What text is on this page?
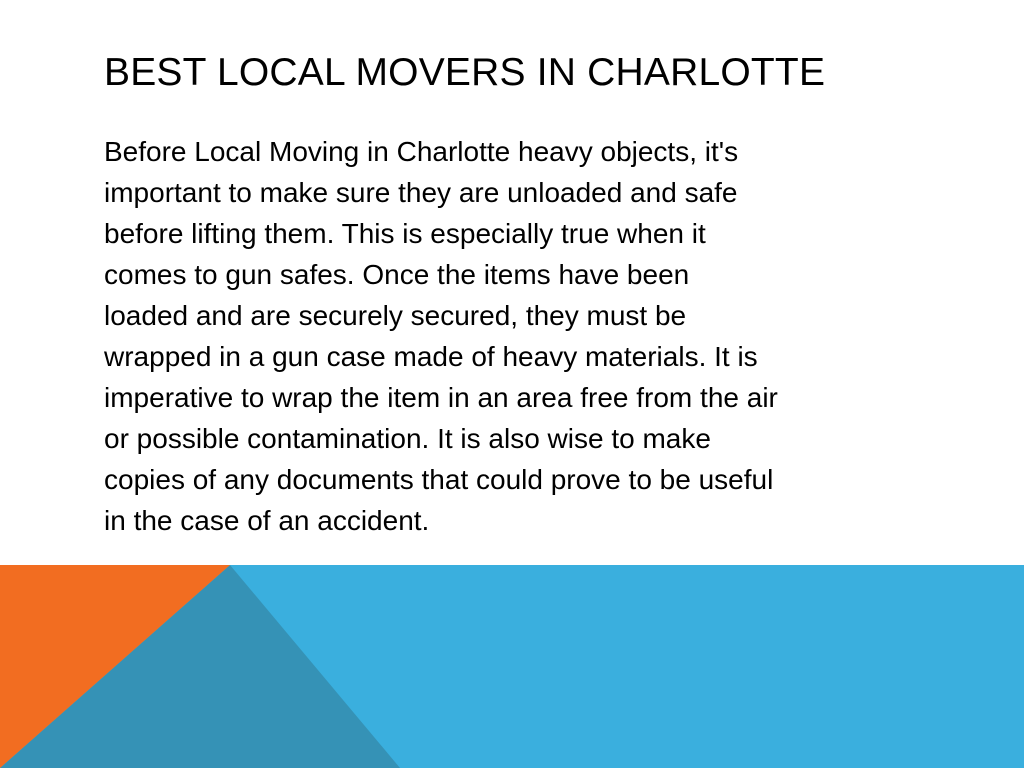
BEST LOCAL MOVERS IN CHARLOTTE
Before Local Moving in Charlotte heavy objects, it's
important to make sure they are unloaded and safe
before lifting them. This is especially true when it
comes to gun safes. Once the items have been
loaded and are securely secured, they must be
wrapped in a gun case made of heavy materials. It is
imperative to wrap the item in an area free from the air
or possible contamination. It is also wise to make
copies of any documents that could prove to be useful
in the case of an accident.
